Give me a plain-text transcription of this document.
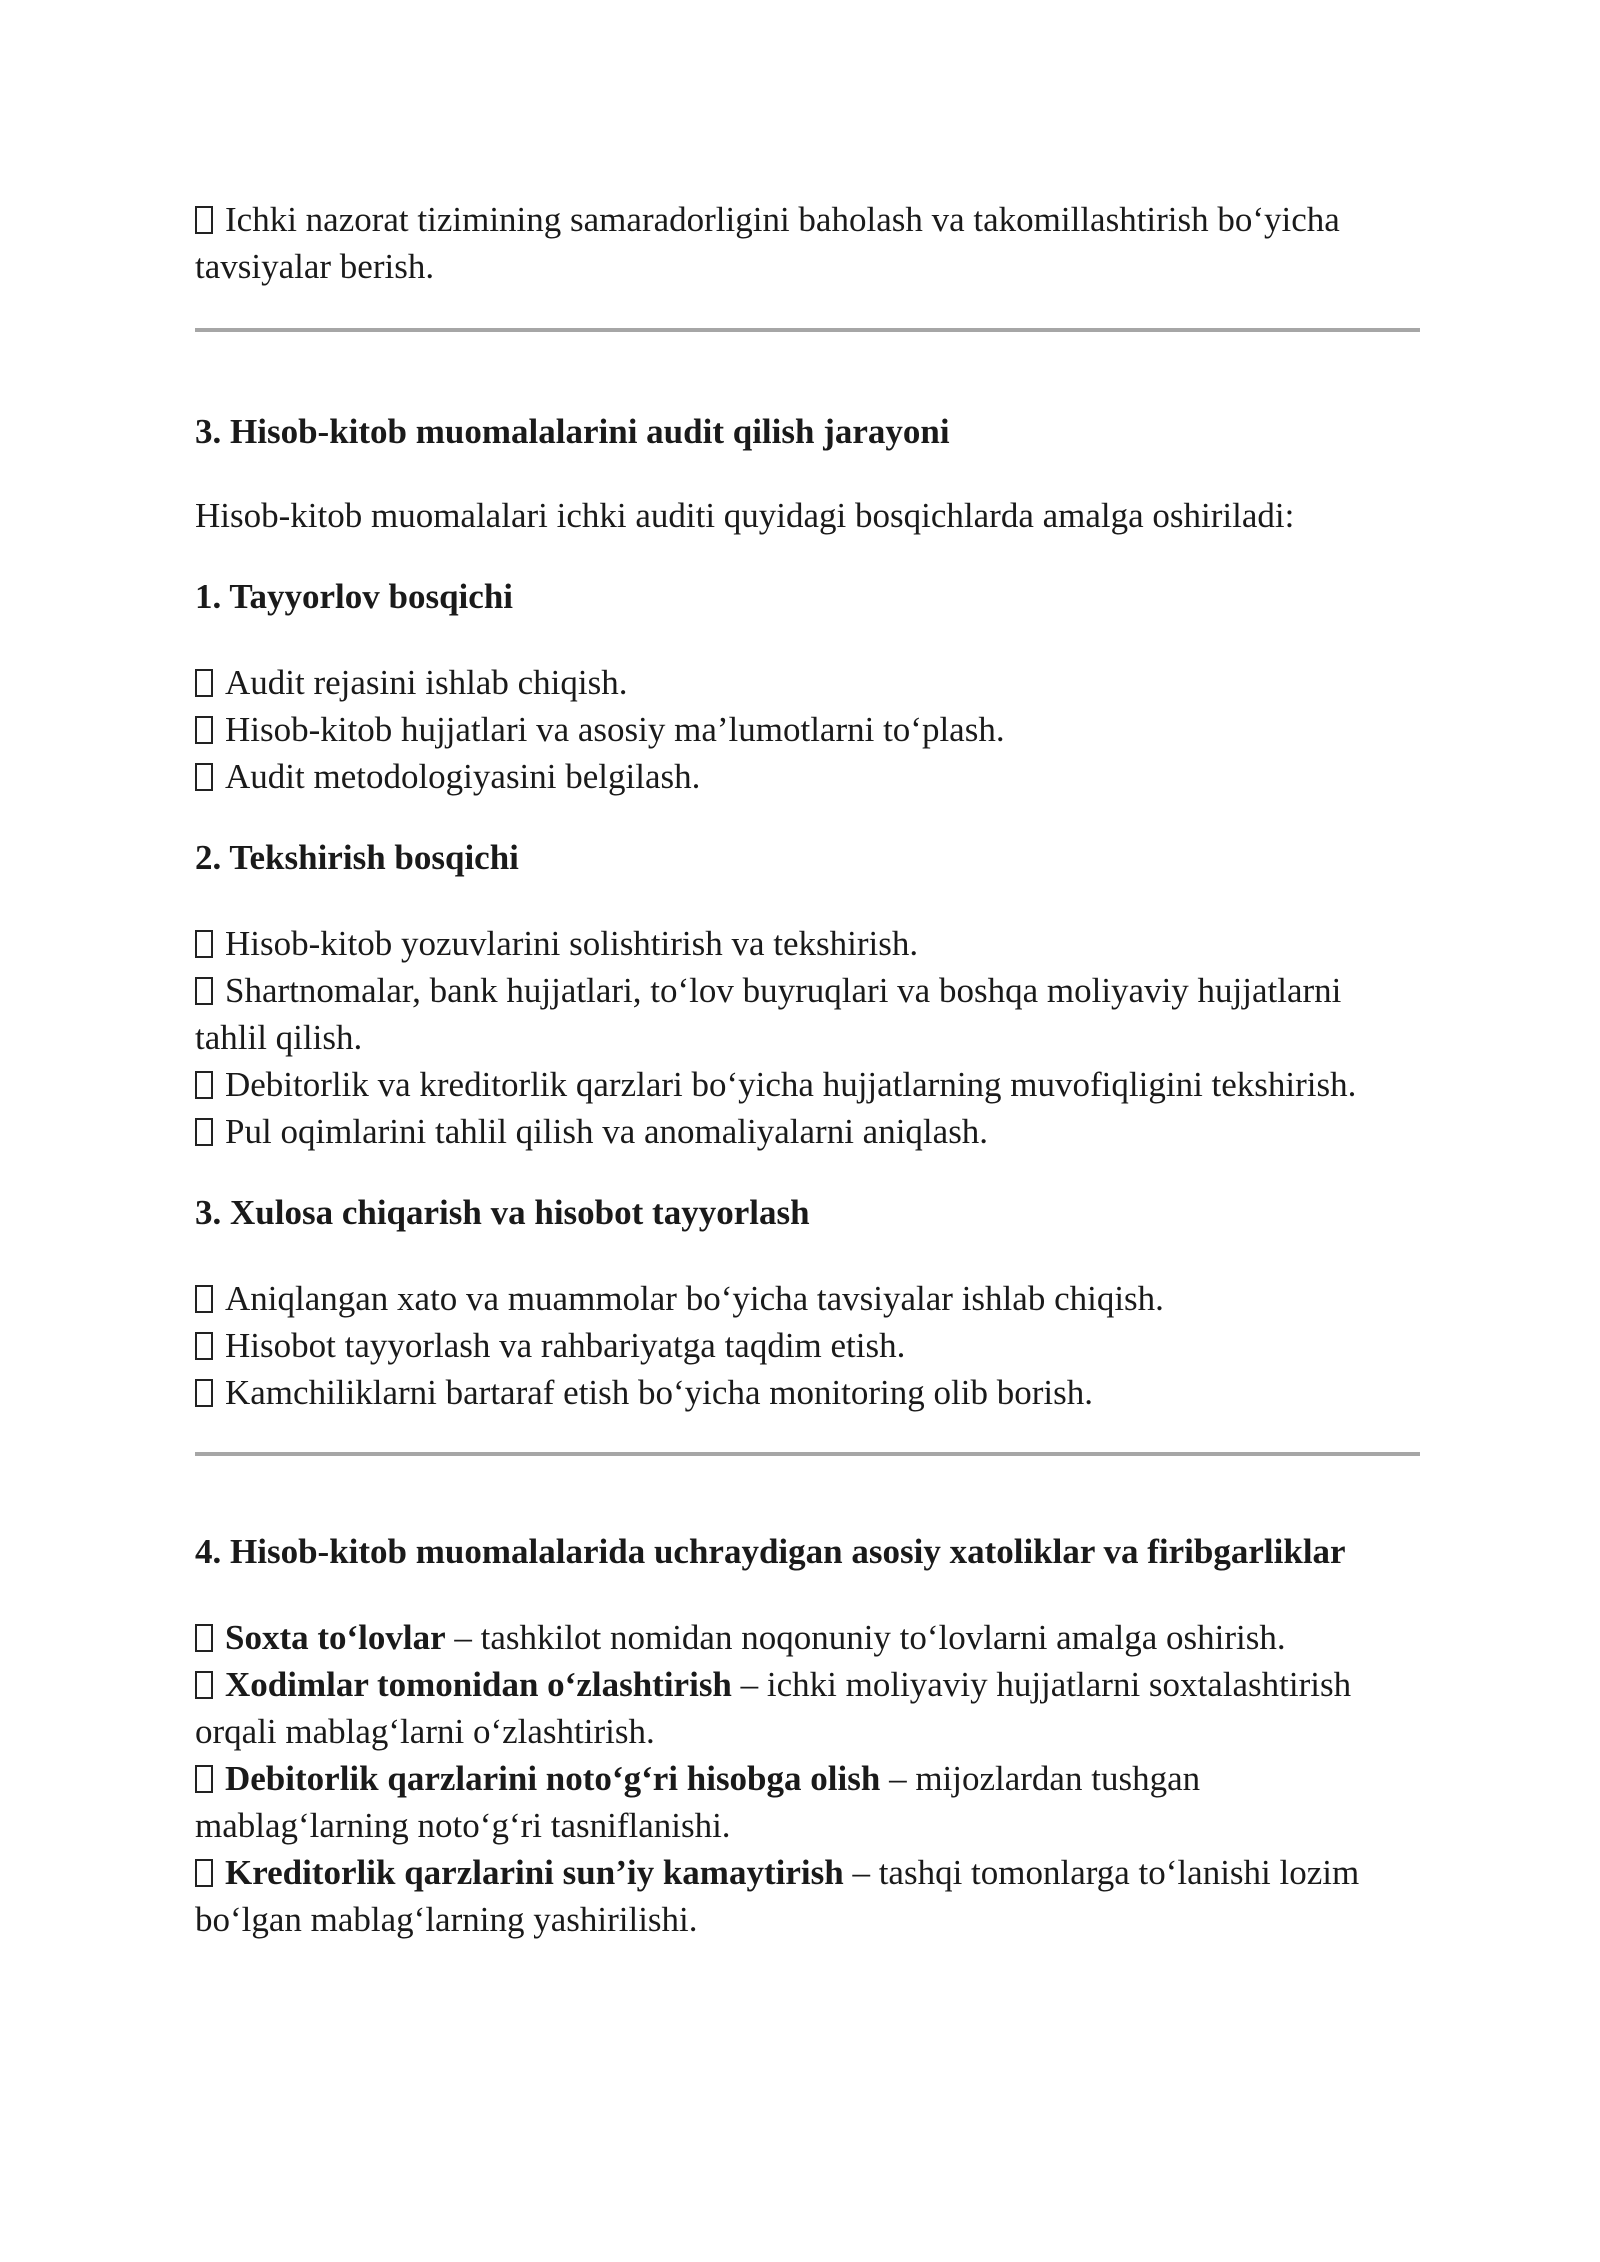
Ichki nazorat tizimining samaradorligini baholash va takomillashtirish bo‘yicha tavsiyalar berish.

3. Hisob-kitob muomalalarini audit qilish jarayoni

Hisob-kitob muomalalari ichki auditi quyidagi bosqichlarda amalga oshiriladi:

1. Tayyorlov bosqichi

Audit rejasini ishlab chiqish.

Hisob-kitob hujjatlari va asosiy ma’lumotlarni to‘plash.

Audit metodologiyasini belgilash.

2. Tekshirish bosqichi

Hisob-kitob yozuvlarini solishtirish va tekshirish.

Shartnomalar, bank hujjatlari, to‘lov buyruqlari va boshqa moliyaviy hujjatlarni tahlil qilish.

Debitorlik va kreditorlik qarzlari bo‘yicha hujjatlarning muvofiqligini tekshirish.

Pul oqimlarini tahlil qilish va anomaliyalarni aniqlash.

3. Xulosa chiqarish va hisobot tayyorlash

Aniqlangan xato va muammolar bo‘yicha tavsiyalar ishlab chiqish.

Hisobot tayyorlash va rahbariyatga taqdim etish.

Kamchiliklarni bartaraf etish bo‘yicha monitoring olib borish.

4. Hisob-kitob muomalalarida uchraydigan asosiy xatoliklar va firibgarliklar

Soxta to‘lovlar – tashkilot nomidan noqonuniy to‘lovlarni amalga oshirish.

Xodimlar tomonidan o‘zlashtirish – ichki moliyaviy hujjatlarni soxtalashtirish orqali mablag‘larni o‘zlashtirish.

Debitorlik qarzlarini noto‘g‘ri hisobga olish – mijozlardan tushgan mablag‘larning noto‘g‘ri tasniflanishi.

Kreditorlik qarzlarini sun’iy kamaytirish – tashqi tomonlarga to‘lanishi lozim bo‘lgan mablag‘larning yashirilishi.
